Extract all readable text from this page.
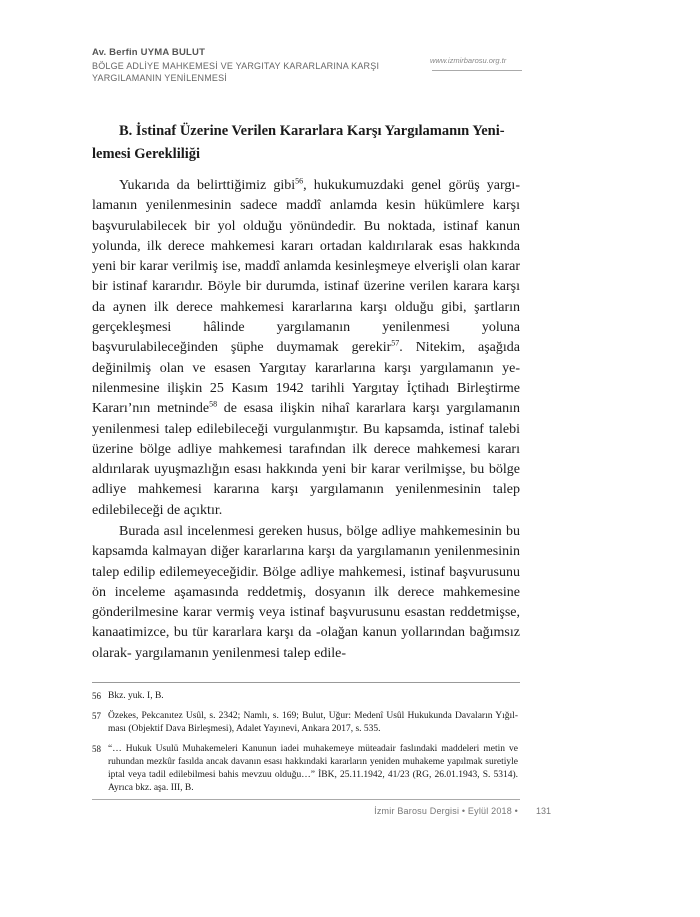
Av. Berfin UYMA BULUT
BÖLGE ADLİYE MAHKEMESİ VE YARGITAY KARARLARINA KARŞI YARGILAMANIN YENİLENMESİ
www.izmirbarosu.org.tr
B. İstinaf Üzerine Verilen Kararlara Karşı Yargılamanın Yenilemesi Gerekliliği
Yukarıda da belirttiğimiz gibi$^{56}$, hukukumuzdaki genel görüş yargılamanın yenilenmesinin sadece maddî anlamda kesin hükümlere karşı başvurulabilecek bir yol olduğu yönündedir. Bu noktada, istinaf kanun yolunda, ilk derece mahkemesi kararı ortadan kaldırılarak esas hakkında yeni bir karar verilmiş ise, maddî anlamda kesinleşmeye elverişli olan karar bir istinaf kararıdır. Böyle bir durumda, istinaf üzerine verilen karara karşı da aynen ilk derece mahkemesi kararlarına karşı olduğu gibi, şartların gerçekleşmesi hâlinde yargılamanın yenilenmesi yoluna başvurulabileceğinden şüphe duymamak gerekir$^{57}$. Nitekim, aşağıda değinilmiş olan ve esasen Yargıtay kararlarına karşı yargılamanın yenilenmesine ilişkin 25 Kasım 1942 tarihli Yargıtay İçtihadı Birleştirme Kararı’nın metninde$^{58}$ de esasa ilişkin nihaî kararlara karşı yargılamanın yenilenmesi talep edilebileceği vurgulanmıştır. Bu kapsamda, istinaf talebi üzerine bölge adliye mahkemesi tarafından ilk derece mahkemesi kararı aldırılarak uyuşmazlığın esası hakkında yeni bir karar verilmişse, bu bölge adliye mahkemesi kararına karşı yargılamanın yenilenmesinin talep edilebileceği de açıktır.
Burada asıl incelenmesi gereken husus, bölge adliye mahkemesinin bu kapsamda kalmayan diğer kararlarına karşı da yargılamanın yenilenmesinin talep edilip edilemeyeceğidir. Bölge adliye mahkemesi, istinaf başvurusunu ön inceleme aşamasında reddetmiş, dosyanın ilk derece mahkemesine gönderilmesine karar vermiş veya istinaf başvurusunu esastan reddetmişse, kanaatimizce, bu tür kararlara karşı da -olağan kanun yollarından bağımsız olarak- yargılamanın yenilenmesi talep edile-
56 Bkz. yuk. I, B.
57 Özekes, Pekcanıtez Usûl, s. 2342; Namlı, s. 169; Bulut, Uğur: Medenî Usûl Hukukunda Davaların Yığılması (Objektif Dava Birleşmesi), Adalet Yayınevi, Ankara 2017, s. 535.
58 “… Hukuk Usulü Muhakemeleri Kanunun iadei muhakemeye müteadair faslındaki maddeleri metin ve ruhundan mezkûr fasılda ancak davanın esası hakkındaki kararların yeniden muhakeme yapılmak suretiyle iptal veya tadil edilebilmesi bahis mevzuu olduğu…” İBK, 25.11.1942, 41/23 (RG, 26.01.1943, S. 5314). Ayrıca bkz. aşa. III, B.
İzmir Barosu Dergisi • Eylül 2018 • 131
